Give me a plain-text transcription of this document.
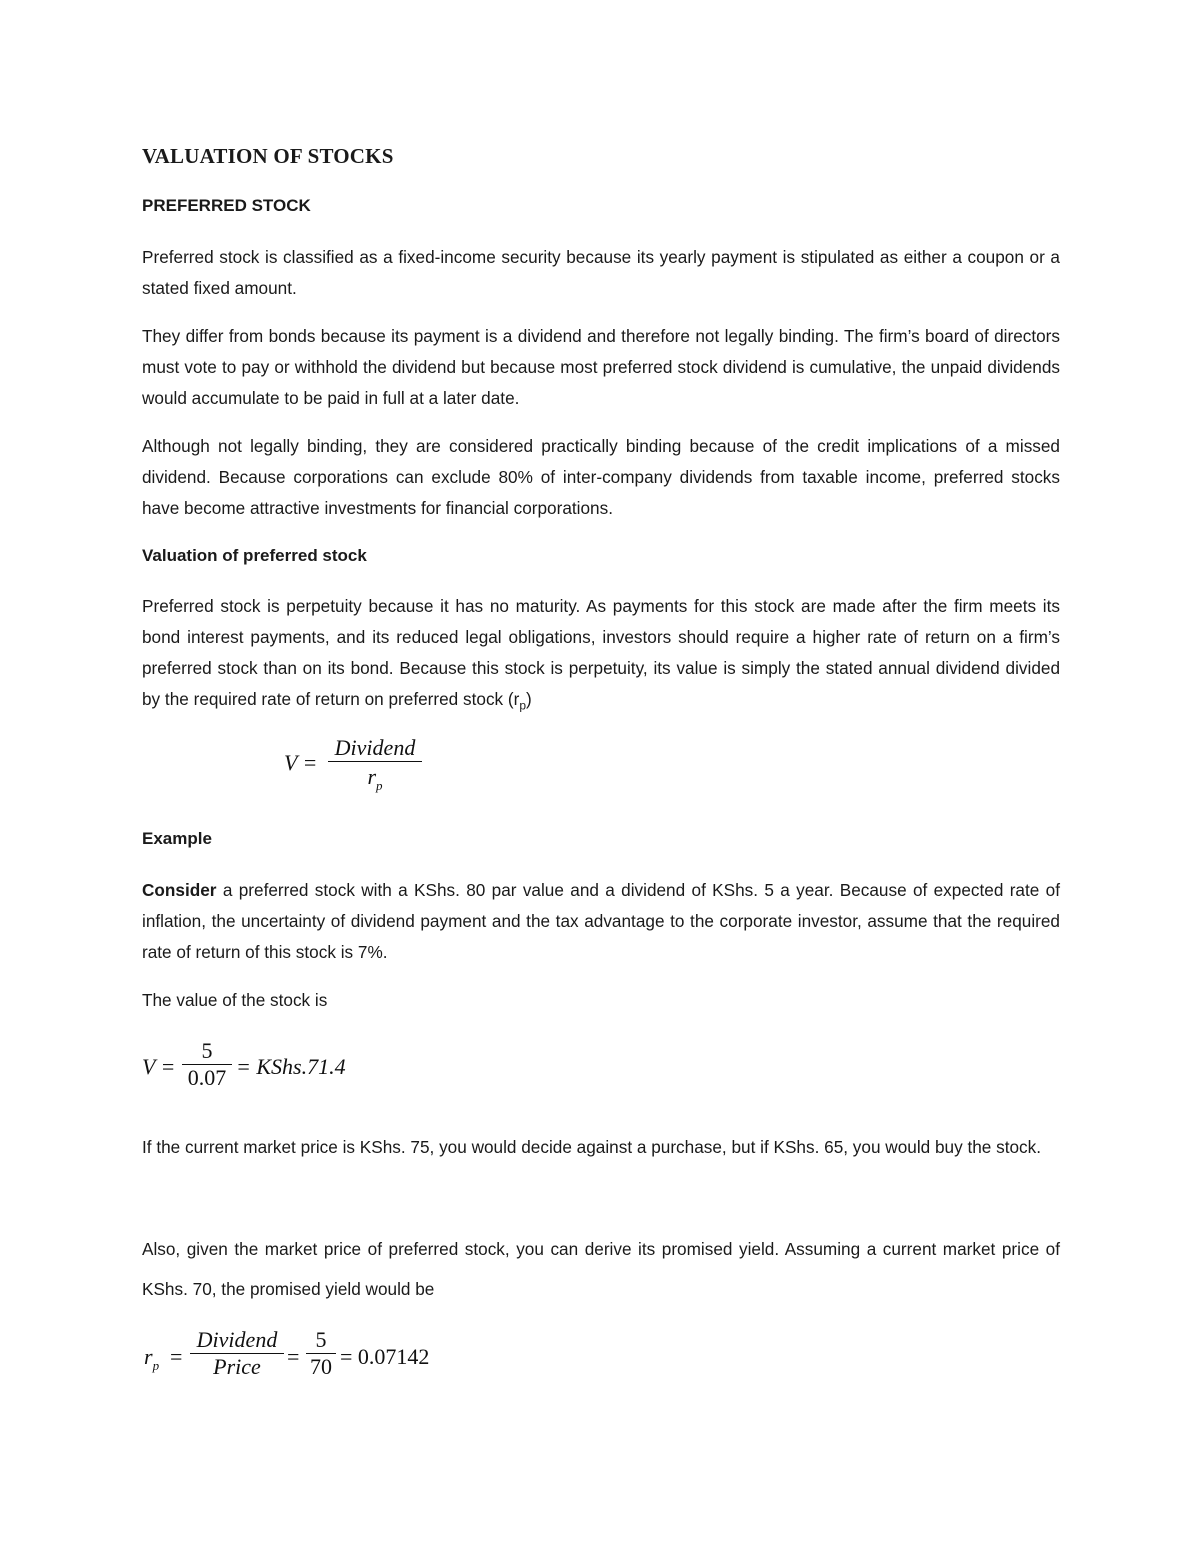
VALUATION OF STOCKS
PREFERRED STOCK
Preferred stock is classified as a fixed-income security because its yearly payment is stipulated as either a coupon or a stated fixed amount.
They differ from bonds because its payment is a dividend and therefore not legally binding. The firm’s board of directors must vote to pay or withhold the dividend but because most preferred stock dividend is cumulative, the unpaid dividends would accumulate to be paid in full at a later date.
Although not legally binding, they are considered practically binding because of the credit implications of a missed dividend. Because corporations can exclude 80% of inter-company dividends from taxable income, preferred stocks have become attractive investments for financial corporations.
Valuation of preferred stock
Preferred stock is perpetuity because it has no maturity. As payments for this stock are made after the firm meets its bond interest payments, and its reduced legal obligations, investors should require a higher rate of return on a firm’s preferred stock than on its bond. Because this stock is perpetuity, its value is simply the stated annual dividend divided by the required rate of return on preferred stock $(r_p)$
V =
Dividend
$r_p$
Example
Consider a preferred stock with a KShs. 80 par value and a dividend of KShs. 5 a year. Because of expected rate of inflation, the uncertainty of dividend payment and the tax advantage to the corporate investor, assume that the required rate of return of this stock is 7%.
The value of the stock is
V =
5
0.07 = KShs.71.4
If the current market price is KShs. 75, you would decide against a purchase, but if KShs. 65, you would buy the stock.
Also, given the market price of preferred stock, you can derive its promised yield. Assuming a current market price of KShs. 70, the promised yield would be
$r_p$ =
Dividend
Price	=
5
70 = 0.07142
